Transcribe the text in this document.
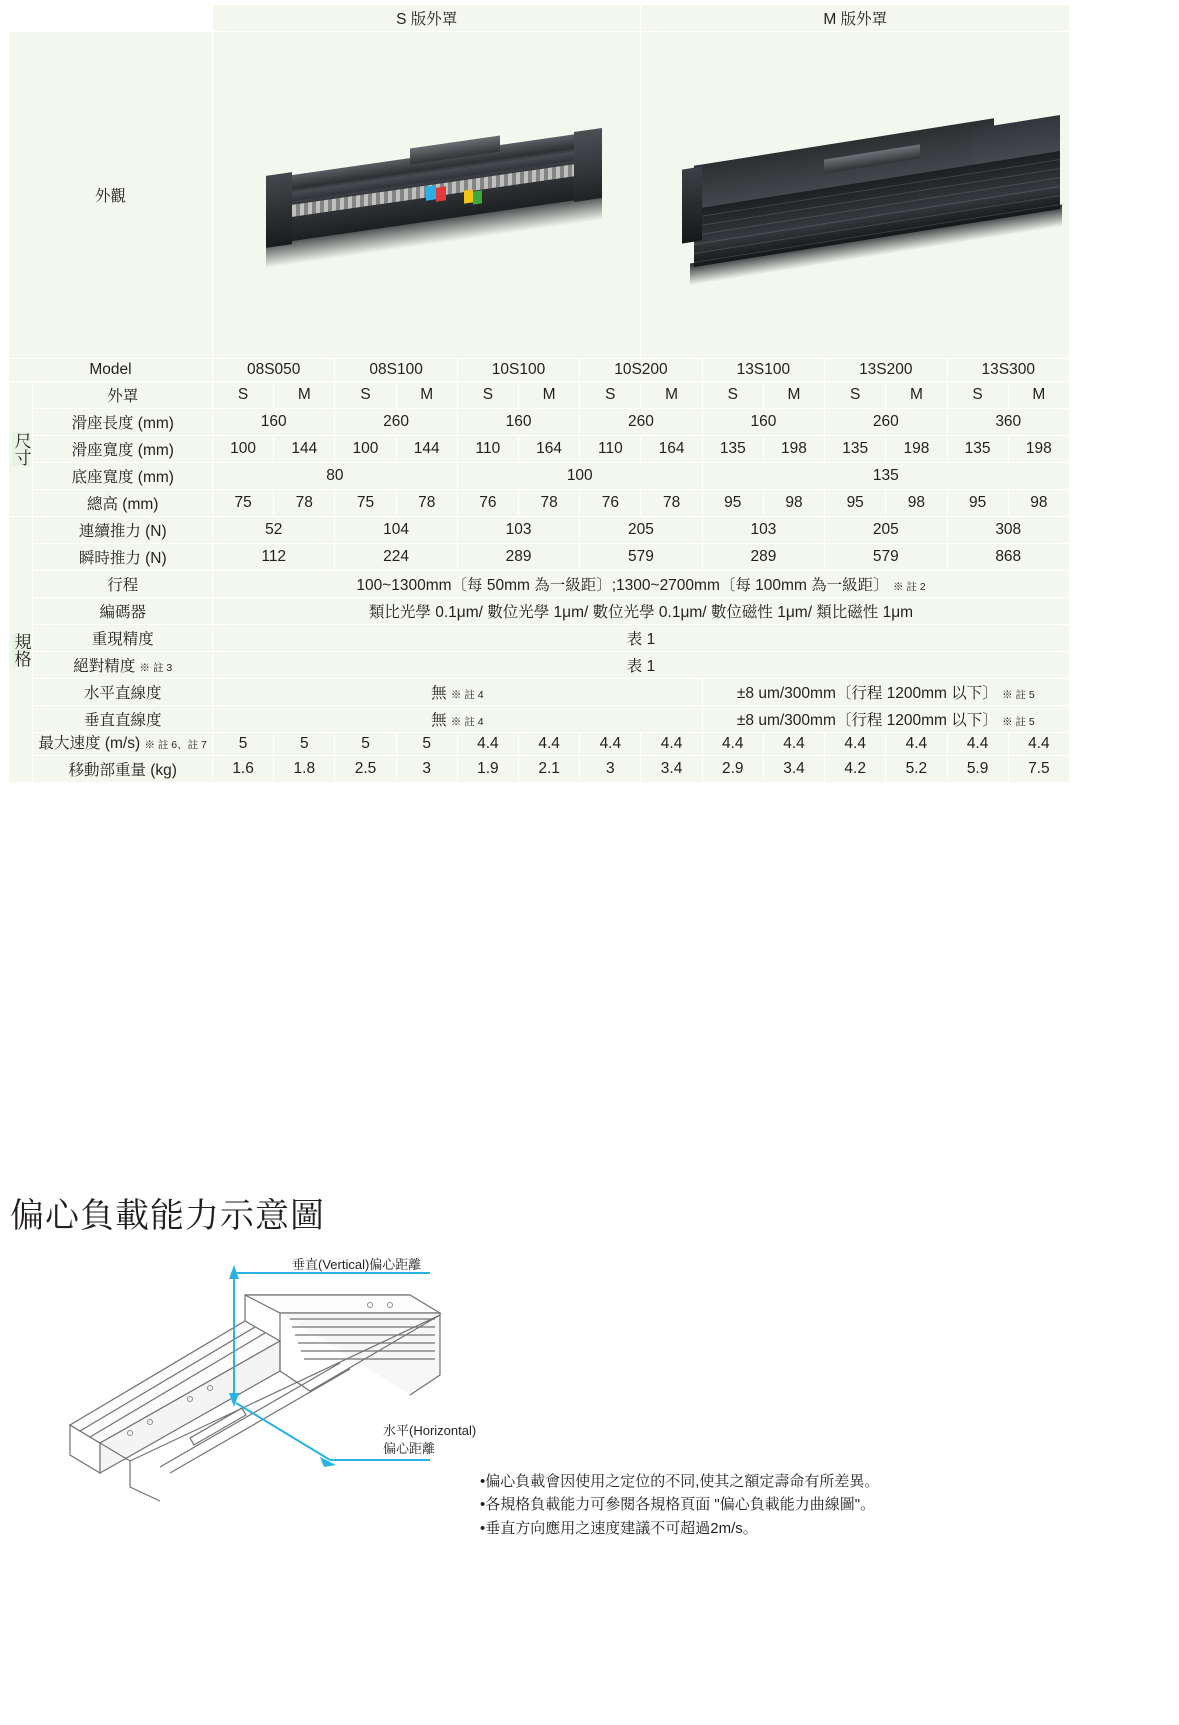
		S 版外罩							M 版外罩						
外觀														

Model		08S050		08S100		10S100		10S200		13S100		13S200		13S300	

尺寸	外罩	S	M	S	M	S	M	S	M	S	M	S	M	S	M
	滑座長度 (mm)	160		260		160		260		160		260		360	
	滑座寬度 (mm)	100	144	100	144	110	164	110	164	135	198	135	198	135	198
	底座寬度 (mm)	80				100				135					
	總高 (mm)	75	78	75	78	76	78	76	78	95	98	95	98	95	98

規格	連續推力 (N)	52		104		103		205		103		205		308	
	瞬時推力 (N)	112		224		289		579		289		579		868	
	行程	100~1300mm〔每 50mm 為一級距〕;1300~2700mm〔每 100mm 為一級距〕 ※ 註 2													
	編碼器	類比光學 0.1μm/ 數位光學 1μm/ 數位光學 0.1μm/ 數位磁性 1μm/ 類比磁性 1μm													
	重現精度	表 1													
	絕對精度 ※ 註 3	表 1													
	水平直線度	無 ※ 註 4								±8 um/300mm〔行程 1200mm 以下〕 ※ 註 5					
	垂直直線度	無 ※ 註 4								±8 um/300mm〔行程 1200mm 以下〕 ※ 註 5					
	最大速度 (m/s) ※ 註 6、註 7	5	5	5	5	4.4	4.4	4.4	4.4	4.4	4.4	4.4	4.4	4.4	4.4
	移動部重量 (kg)	1.6	1.8	2.5	3	1.9	2.1	3	3.4	2.9	3.4	4.2	5.2	5.9	7.5
偏心負載能力示意圖
垂直(Vertical)偏心距離
水平(Horizontal)
偏心距離
•偏心負載會因使用之定位的不同,使其之額定壽命有所差異。
•各規格負載能力可參閱各規格頁面 "偏心負載能力曲線圖"。
•垂直方向應用之速度建議不可超過2m/s。
